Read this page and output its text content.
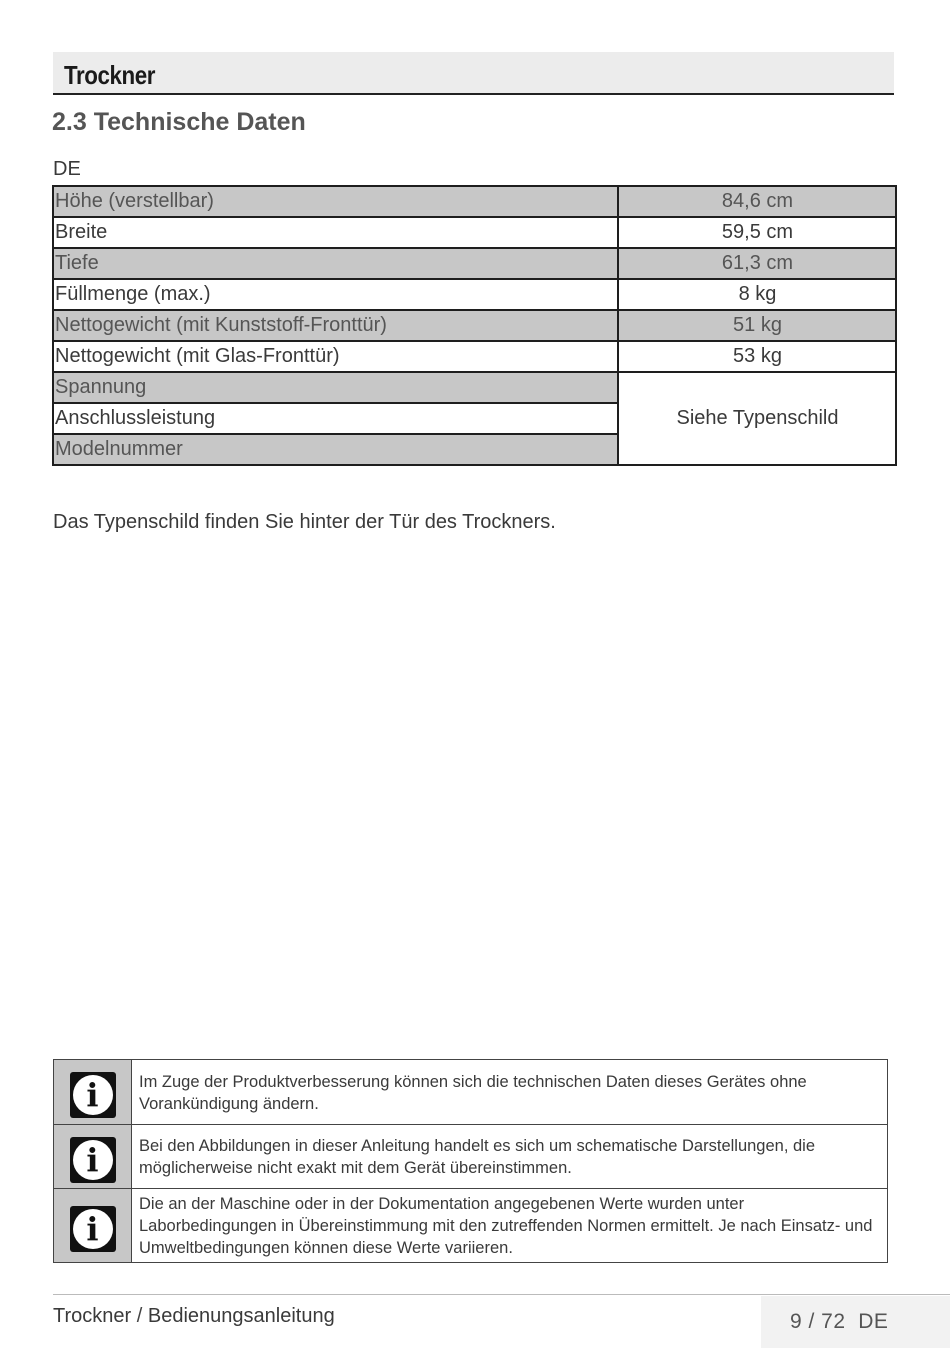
Trockner
2.3 Technische Daten
DE
Höhe (verstellbar)	84,6 cm
Breite	59,5 cm
Tiefe	61,3 cm
Füllmenge (max.)	8 kg
Nettogewicht (mit Kunststoff-Fronttür)	51 kg
Nettogewicht (mit Glas-Fronttür)	53 kg
Spannung	Siehe Typenschild
Anschlussleistung	
Modelnummer	
Das Typenschild finden Sie hinter der Tür des Trockners.
i	Im Zuge der Produktverbesserung können sich die technischen Daten dieses Gerätes ohne Vorankündigung ändern.

i	Bei den Abbildungen in dieser Anleitung handelt es sich um schematische Darstellungen, die möglicherweise nicht exakt mit dem Gerät übereinstimmen.

i	Die an der Maschine oder in der Dokumentation angegebenen Werte wurden unter Laborbedingungen in Übereinstimmung mit den zutreffenden Normen ermittelt. Je nach Einsatz- und Umweltbedingungen können diese Werte variieren.
Trockner / Bedienungsanleitung	9 / 72 DE
